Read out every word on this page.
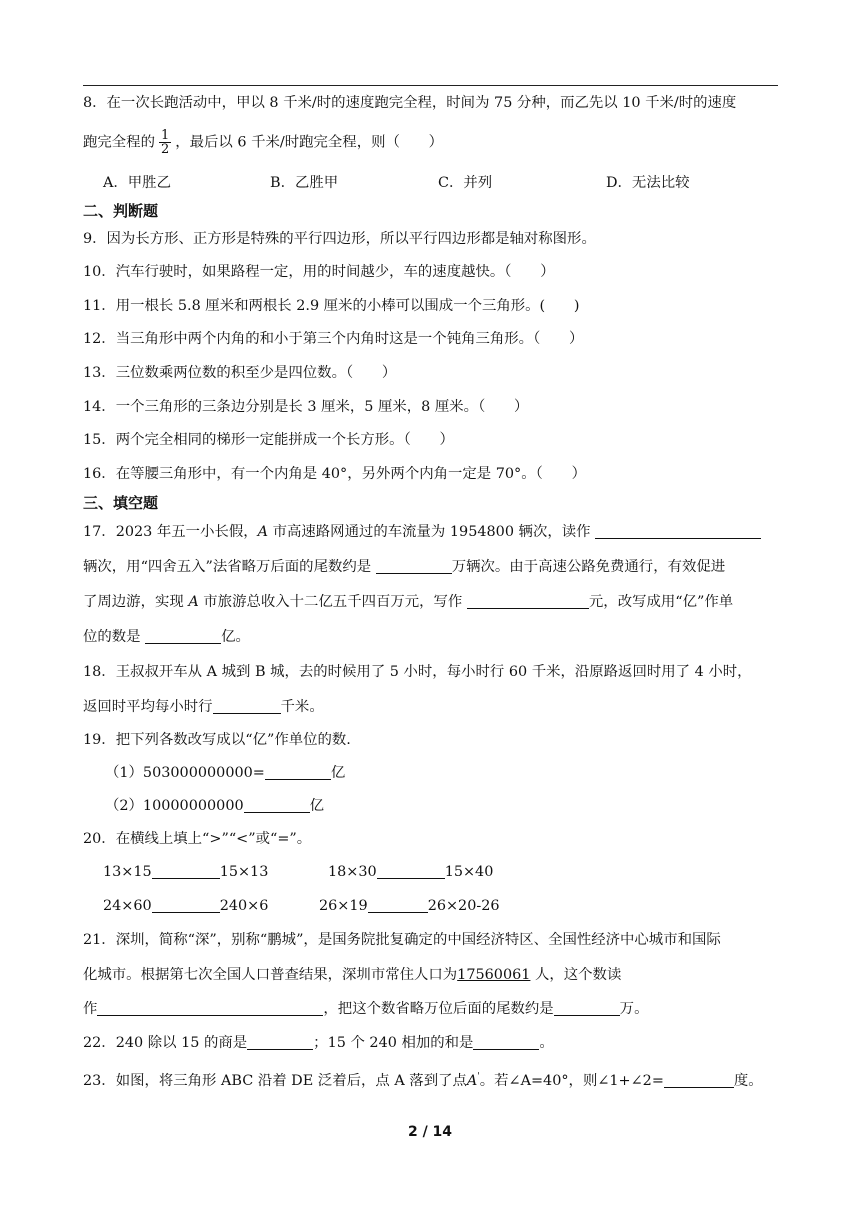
8．在一次长跑活动中，甲以 8 千米/时的速度跑完全程，时间为 75 分种，而乙先以 10 千米/时的速度
跑完全程的 $\frac{1}{2}$ ，最后以 6 千米/时跑完全程，则（　　）
A．甲胜乙	B．乙胜甲	C．并列	D．无法比较
二、判断题
9．因为长方形、正方形是特殊的平行四边形，所以平行四边形都是轴对称图形。
10．汽车行驶时，如果路程一定，用的时间越少，车的速度越快。（　　）
11．用一根长 5.8 厘米和两根长 2.9 厘米的小棒可以围成一个三角形。(　　)
12．当三角形中两个内角的和小于第三个内角时这是一个钝角三角形。（　　）
13．三位数乘两位数的积至少是四位数。（　　）
14．一个三角形的三条边分别是长 3 厘米，5 厘米，8 厘米。（　　）
15．两个完全相同的梯形一定能拼成一个长方形。（　　）
16．在等腰三角形中，有一个内角是 40°，另外两个内角一定是 70°。（　　）
三、填空题
17．2023 年五一小长假，A 市高速路网通过的车流量为 1954800 辆次，读作
辆次，用“四舍五入”法省略万后面的尾数约是	万辆次。由于高速公路免费通行，有效促进
了周边游，实现 A 市旅游总收入十二亿五千四百万元，写作	元，改写成用“亿”作单
位的数是	亿。
18．王叔叔开车从 A 城到 B 城，去的时候用了 5 小时，每小时行 60 千米，沿原路返回时用了 4 小时，
返回时平均每小时行	千米。
19．把下列各数改写成以“亿”作单位的数.
（1）503000000000=	亿
（2）10000000000	亿
20．在横线上填上“>”“<”或“=”。
13×15	15×13	18×30	15×40
24×60	240×6	26×19	26×20-26
21．深圳，简称“深”，别称“鹏城”，是国务院批复确定的中国经济特区、全国性经济中心城市和国际
化城市。根据第七次全国人口普查结果，深圳市常住人口为17560061 人，这个数读
作	，把这个数省略万位后面的尾数约是	万。
22．240 除以 15 的商是	；15 个 240 相加的和是	。
23．如图，将三角形 ABC 沿着 DE 泛着后，点 A 落到了点A'。若∠A=40°，则∠1+∠2=	度。
2 / 14
